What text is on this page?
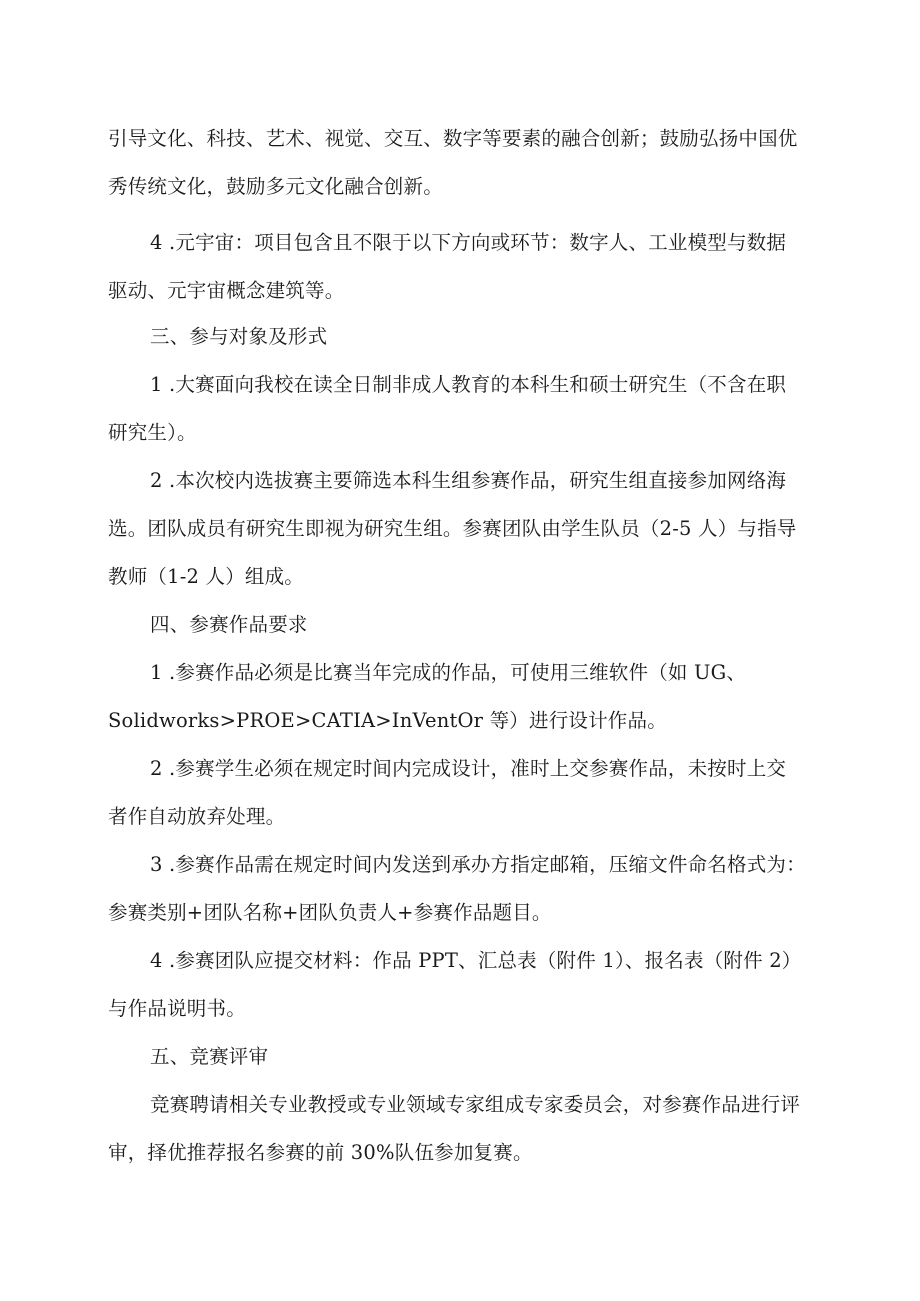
引导文化、科技、艺术、视觉、交互、数字等要素的融合创新；鼓励弘扬中国优
秀传统文化，鼓励多元文化融合创新。
4 .元宇宙：项目包含且不限于以下方向或环节：数字人、工业模型与数据
驱动、元宇宙概念建筑等。
三、参与对象及形式
1 .大赛面向我校在读全日制非成人教育的本科生和硕士研究生（不含在职
研究生）。
2 .本次校内选拔赛主要筛选本科生组参赛作品，研究生组直接参加网络海
选。团队成员有研究生即视为研究生组。参赛团队由学生队员（2-5 人）与指导
教师（1-2 人）组成。
四、参赛作品要求
1 .参赛作品必须是比赛当年完成的作品，可使用三维软件（如 UG、
Solidworks>PROE>CATIA>InVentOr 等）进行设计作品。
2 .参赛学生必须在规定时间内完成设计，准时上交参赛作品，未按时上交
者作自动放弃处理。
3 .参赛作品需在规定时间内发送到承办方指定邮箱，压缩文件命名格式为：
参赛类别+团队名称+团队负责人+参赛作品题目。
4 .参赛团队应提交材料：作品 PPT、汇总表（附件 1）、报名表（附件 2）
与作品说明书。
五、竞赛评审
竞赛聘请相关专业教授或专业领域专家组成专家委员会，对参赛作品进行评
审，择优推荐报名参赛的前 30%队伍参加复赛。
